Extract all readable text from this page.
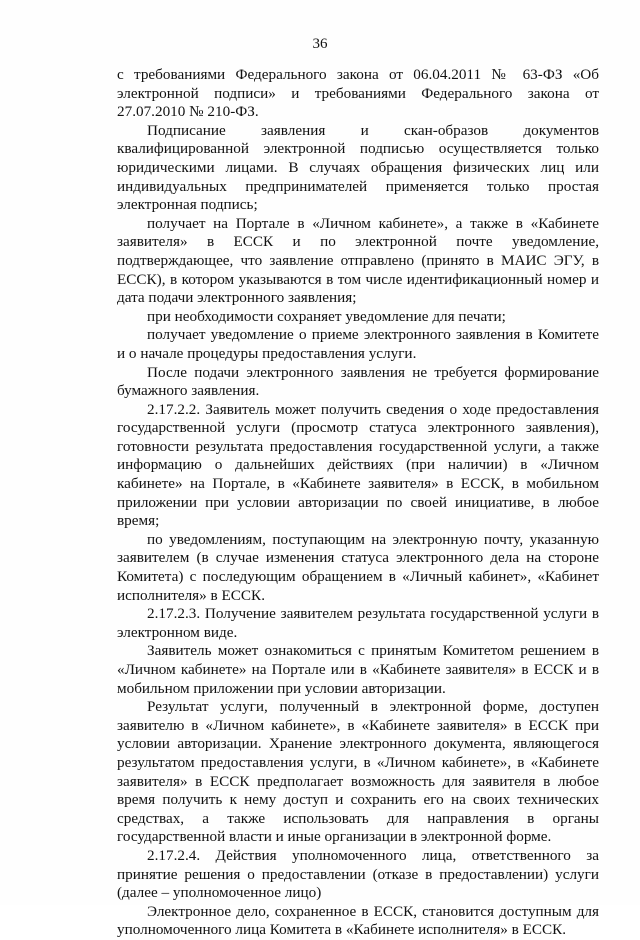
36

с требованиями Федерального закона от 06.04.2011 № 63-ФЗ «Об электронной подписи» и требованиями Федерального закона от 27.07.2010 № 210-ФЗ.

Подписание заявления и скан-образов документов квалифицированной электронной подписью осуществляется только юридическими лицами. В случаях обращения физических лиц или индивидуальных предпринимателей применяется только простая электронная подпись;

получает на Портале в «Личном кабинете», а также в «Кабинете заявителя» в ЕССК и по электронной почте уведомление, подтверждающее, что заявление отправлено (принято в МАИС ЭГУ, в ЕССК), в котором указываются в том числе идентификационный номер и дата подачи электронного заявления;

при необходимости сохраняет уведомление для печати;

получает уведомление о приеме электронного заявления в Комитете и о начале процедуры предоставления услуги.

После подачи электронного заявления не требуется формирование бумажного заявления.

2.17.2.2. Заявитель может получить сведения о ходе предоставления государственной услуги (просмотр статуса электронного заявления), готовности результата предоставления государственной услуги, а также информацию о дальнейших действиях (при наличии) в «Личном кабинете» на Портале, в «Кабинете заявителя» в ЕССК, в мобильном приложении при условии авторизации по своей инициативе, в любое время;

по уведомлениям, поступающим на электронную почту, указанную заявителем (в случае изменения статуса электронного дела на стороне Комитета) с последующим обращением в «Личный кабинет», «Кабинет исполнителя» в ЕССК.

2.17.2.3. Получение заявителем результата государственной услуги в электронном виде.

Заявитель может ознакомиться с принятым Комитетом решением в «Личном кабинете» на Портале или в «Кабинете заявителя» в ЕССК и в мобильном приложении при условии авторизации.

Результат услуги, полученный в электронной форме, доступен заявителю в «Личном кабинете», в «Кабинете заявителя» в ЕССК при условии авторизации. Хранение электронного документа, являющегося результатом предоставления услуги, в «Личном кабинете», в «Кабинете заявителя» в ЕССК предполагает возможность для заявителя в любое время получить к нему доступ и сохранить его на своих технических средствах, а также использовать для направления в органы государственной власти и иные организации в электронной форме.

2.17.2.4. Действия уполномоченного лица, ответственного за принятие решения о предоставлении (отказе в предоставлении) услуги (далее – уполномоченное лицо)

Электронное дело, сохраненное в ЕССК, становится доступным для уполномоченного лица Комитета в «Кабинете исполнителя» в ЕССК.
